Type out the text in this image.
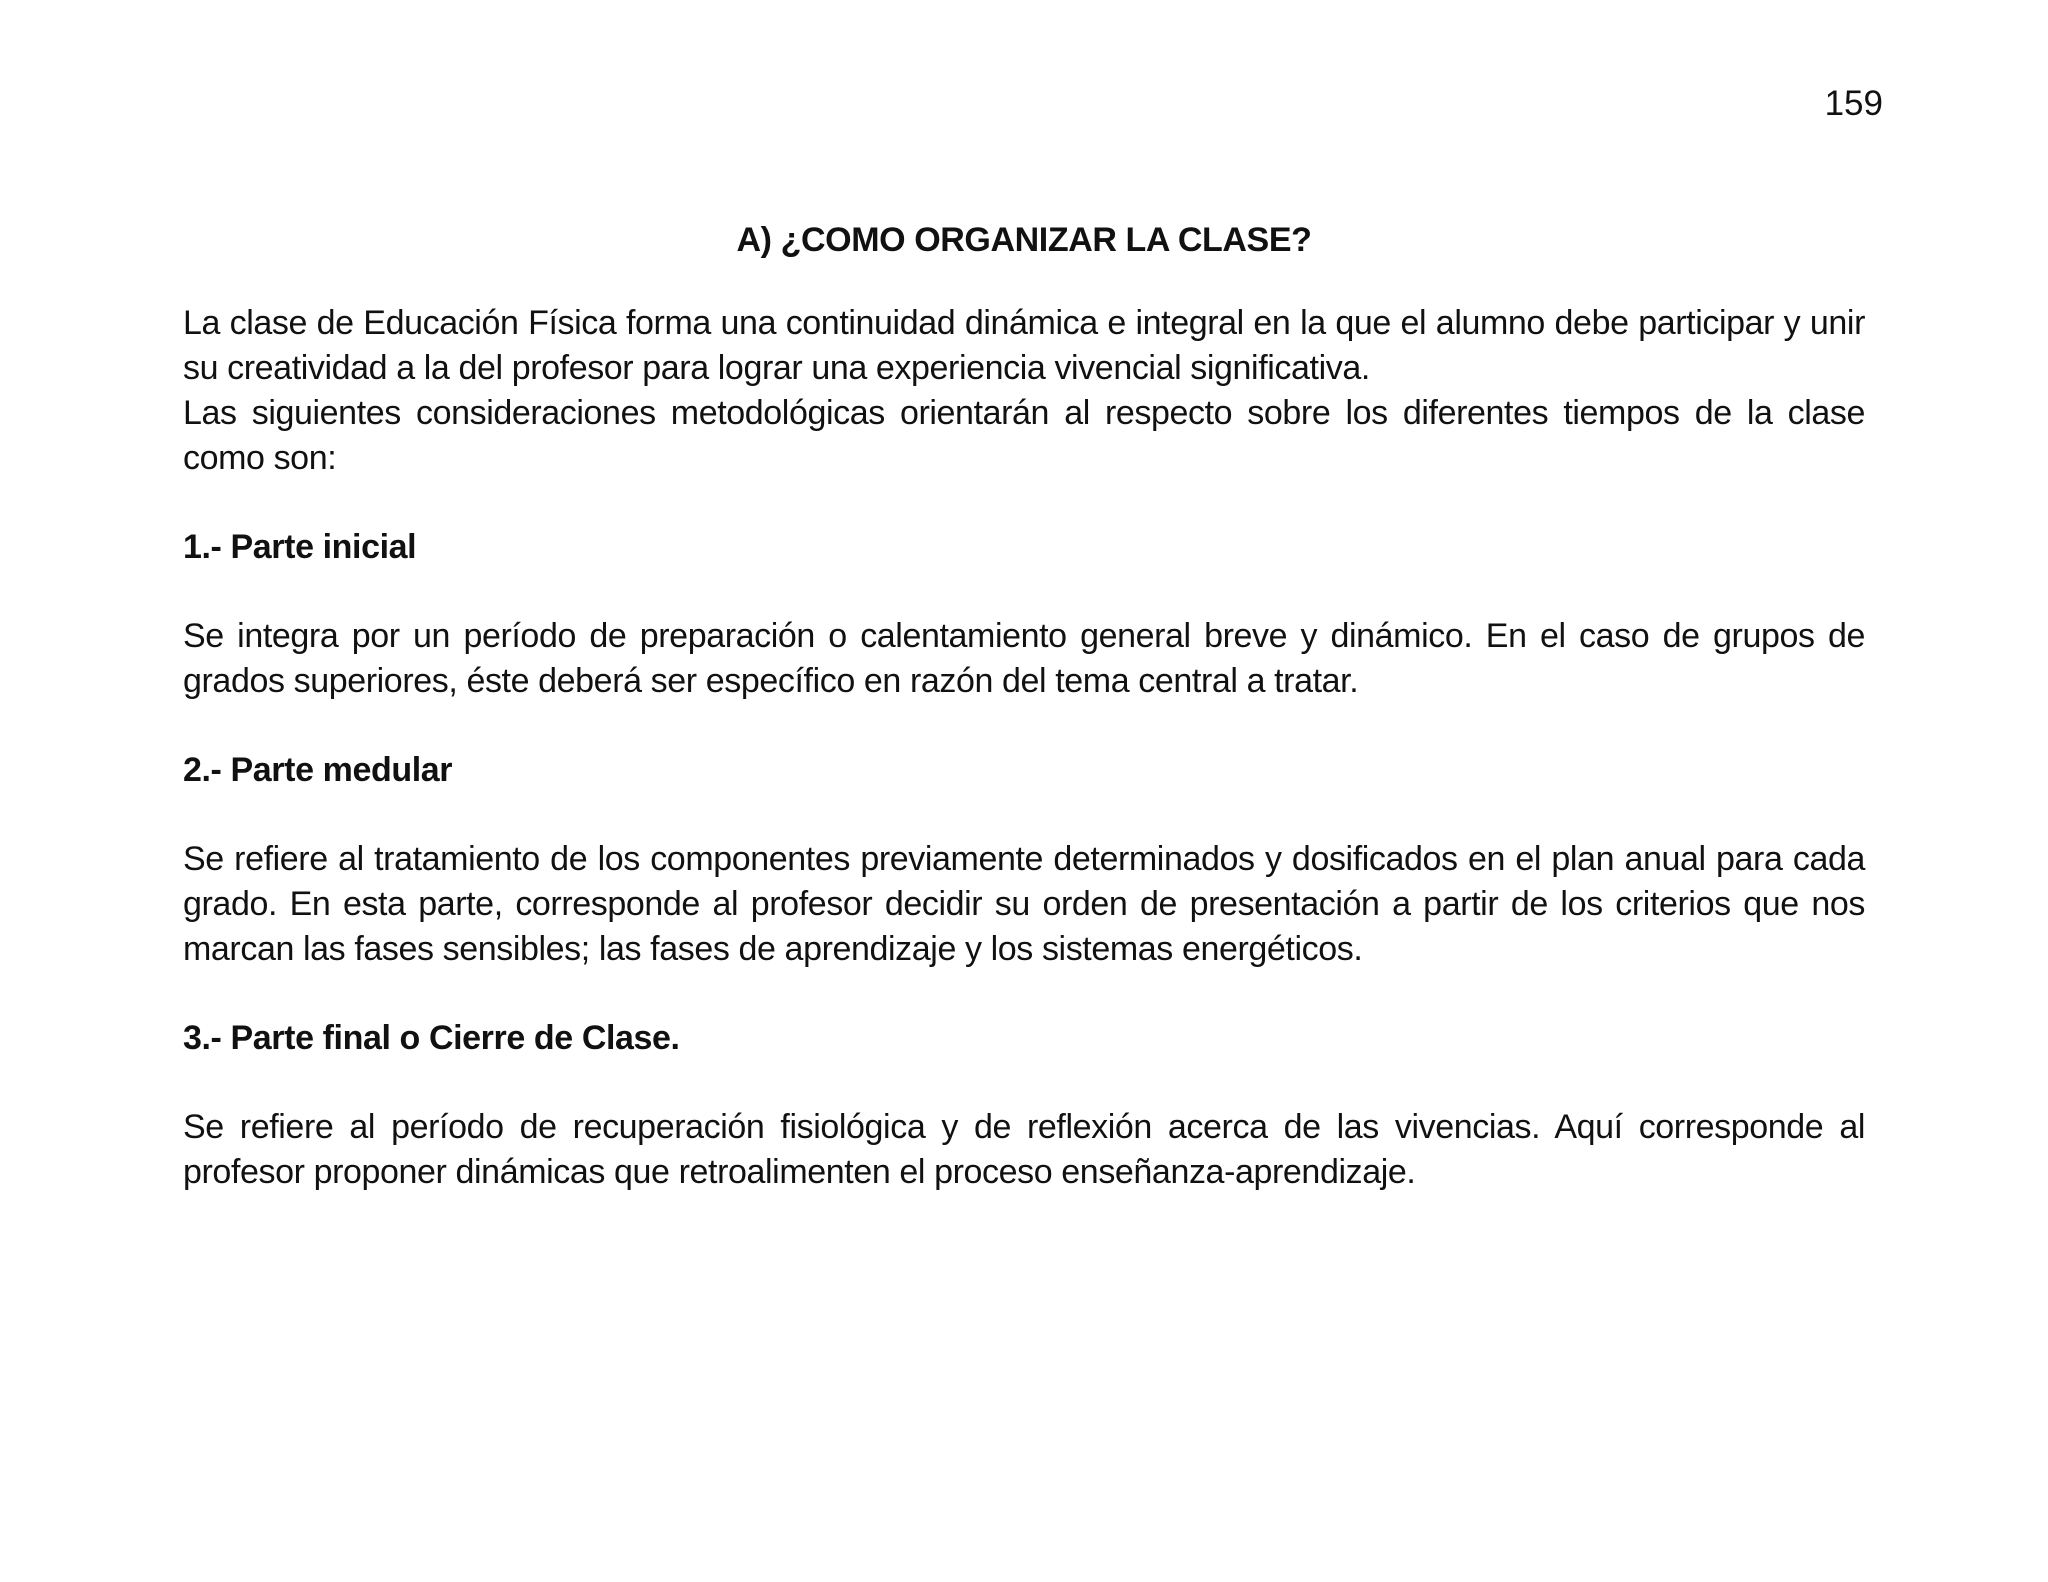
159
A) ¿COMO ORGANIZAR LA CLASE?

La clase de Educación Física forma una continuidad dinámica e integral en la que el alumno debe participar y unir su creatividad a la del profesor para lograr una experiencia vivencial significativa.

Las siguientes consideraciones metodológicas orientarán al respecto sobre los diferentes tiempos de la clase como son:

1.- Parte inicial

Se integra por un período de preparación o calentamiento general breve y dinámico. En el caso de grupos de grados superiores, éste deberá ser específico en razón del tema central a tratar.

2.- Parte medular

Se refiere al tratamiento de los componentes previamente determinados y dosificados en el plan anual para cada grado. En esta parte, corresponde al profesor decidir su orden de presentación a partir de los criterios que nos marcan las fases sensibles; las fases de aprendizaje y los sistemas energéticos.

3.- Parte final o Cierre de Clase.

Se refiere al período de recuperación fisiológica y de reflexión acerca de las vivencias. Aquí corresponde al profesor proponer dinámicas que retroalimenten el proceso enseñanza-aprendizaje.
